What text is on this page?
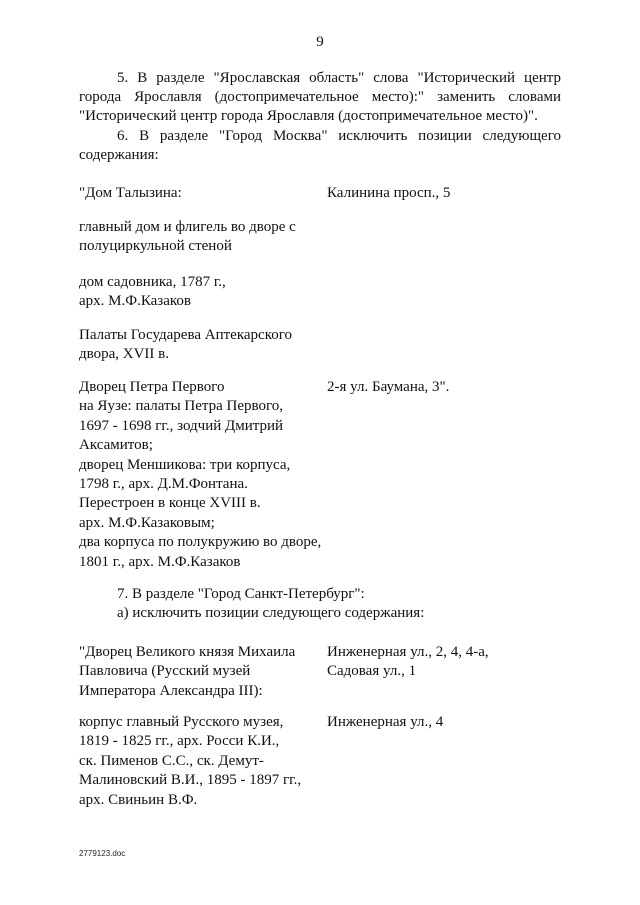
9
5. В разделе "Ярославская область" слова "Исторический центр
города Ярославля (достопримечательное место):" заменить словами
"Исторический центр города Ярославля (достопримечательное место)".
6. В разделе "Город Москва" исключить позиции следующего
содержания:
"Дом Талызина:	Калинина просп., 5
главный дом и флигель во дворе с
полуциркульной стеной
дом садовника, 1787 г.,
арх. М.Ф.Казаков
Палаты Государева Аптекарского
двора, XVII в.
Дворец Петра Первого
на Яузе: палаты Петра Первого,
1697 - 1698 гг., зодчий Дмитрий
Аксамитов;
дворец Меншикова: три корпуса,
1798 г., арх. Д.М.Фонтана.
Перестроен в конце XVIII в.
арх. М.Ф.Казаковым;
два корпуса по полукружию во дворе,
1801 г., арх. М.Ф.Казаков
2-я ул. Баумана, 3".
7. В разделе "Город Санкт-Петербург":
а) исключить позиции следующего содержания:
"Дворец Великого князя Михаила
Павловича (Русский музей
Императора Александра III):
Инженерная ул., 2, 4, 4-а,
Садовая ул., 1
корпус главный Русского музея,
1819 - 1825 гг., арх. Росси К.И.,
ск. Пименов С.С., ск. Демут-
Малиновский В.И., 1895 - 1897 гг.,
арх. Свиньин В.Ф.
Инженерная ул., 4
2779123.doc
